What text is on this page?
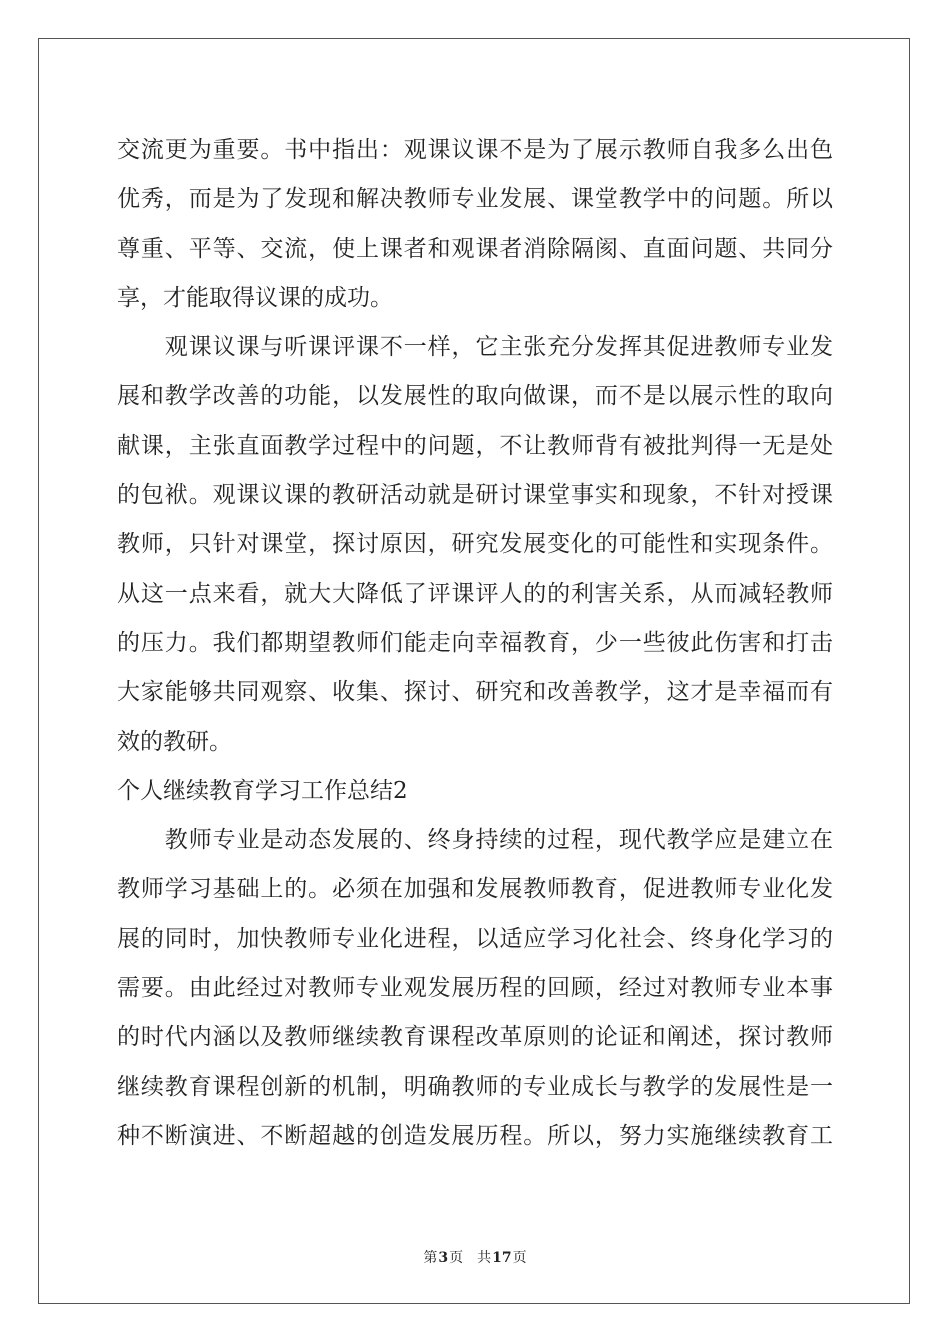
交流更为重要。书中指出：观课议课不是为了展示教师自我多么出色
优秀，而是为了发现和解决教师专业发展、课堂教学中的问题。所以
尊重、平等、交流，使上课者和观课者消除隔阂、直面问题、共同分
享，才能取得议课的成功。
　　观课议课与听课评课不一样，它主张充分发挥其促进教师专业发
展和教学改善的功能，以发展性的取向做课，而不是以展示性的取向
献课，主张直面教学过程中的问题，不让教师背有被批判得一无是处
的包袱。观课议课的教研活动就是研讨课堂事实和现象，不针对授课
教师，只针对课堂，探讨原因，研究发展变化的可能性和实现条件。
从这一点来看，就大大降低了评课评人的的利害关系，从而减轻教师
的压力。我们都期望教师们能走向幸福教育，少一些彼此伤害和打击
大家能够共同观察、收集、探讨、研究和改善教学，这才是幸福而有
效的教研。
个人继续教育学习工作总结2
　　教师专业是动态发展的、终身持续的过程，现代教学应是建立在
教师学习基础上的。必须在加强和发展教师教育，促进教师专业化发
展的同时，加快教师专业化进程，以适应学习化社会、终身化学习的
需要。由此经过对教师专业观发展历程的回顾，经过对教师专业本事
的时代内涵以及教师继续教育课程改革原则的论证和阐述，探讨教师
继续教育课程创新的机制，明确教师的专业成长与教学的发展性是一
种不断演进、不断超越的创造发展历程。所以，努力实施继续教育工
第3页 共17页
